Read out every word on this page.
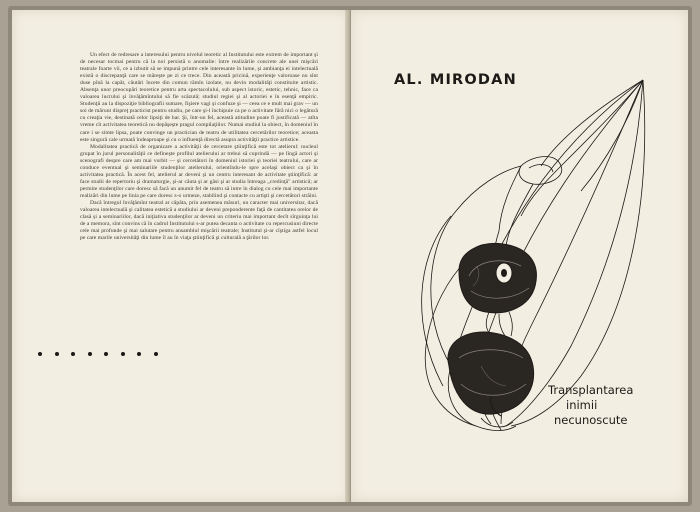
Un efect de redresare a interesului pentru nivelul teoretic al Institutului este extrem de important şi de necesar tocmai pentru că la noi persistă o anomalie: între realizările concrete ale unei mişcări teatrale foarte vii, ce a izbutit să se impună printre cele interesante în lume, şi ambianţa ei intelectuală există o discrepanţă care se măreşte pe zi ce trece. Din această pricină, experienţe valoroase nu sînt duse pînă la capăt, căutări încete din comun rămîn izolate, nu devin modalităţi constituite artistic. Absenţa unor preocupări teoretice pentru arta spectacolului, sub aspect istoric, estetic, tehnic, face ca valoarea lucrului şi învăţămîntului să fie scăzută; studiul regiei şi al actoriei e în esenţă empiric. Studenţii au la dispoziţie bibliografii sumare, fişiere vagi şi confuze şi — ceea ce e mult mai grav — un soi de mărunt dispreţ practicist pentru studiu, pe care şi-l închipuie ca pe o activitate fără nici o legătură cu creaţia vie, destinată celor lipsiţi de har. Şi, într-un fel, această atitudine poate fi justificată — atîta vreme cît activitatea teoretică nu depăşeşte pragul compilaţiilor. Numai studiul la obiect, în domeniul în care i se simte lipsa, poate convinge un practician de teatru de utilitatea cercetărilor teoretice; aceasta este singură cale urmată îndeaproape şi cu o influenţă directă asupra activităţii practice artistice.

Modalitatea practică de organizare a activităţii de cercetare ştiinţifică este tot atelierul: nucleul grupat în jurul personalităţii ce defineşte profilul atelierului ar trebui să cuprindă — pe lîngă actori şi scenografi despre care am mai vorbit — şi cercetători în domeniul istoriei şi teoriei teatrului, care ar conduce eventual şi seminariile studenţilor atelierului, orientîndu-le spre acelaşi obiect ca şi în activitatea practică. În acest fel, atelierul ar deveni şi un centru interesant de activitate ştiinţifică: ar face studii de repertoriu şi dramaturgie, şi-ar căuta şi ar găsi şi ar studia întreaga „credinţă" artistică; ar permite studenţilor care doresc să facă un anumit fel de teatru să intre în dialog cu cele mai importante realizări din lume pe linia pe care doresc s-o urmeze, stabilind şi contacte cu artişti şi cercetători străini.

Dacă întregul învăţămînt teatral ar căpăta, prin asemenea măsuri, un caracter mai universitar, dacă valoarea intelectuală şi calitatea estetică a studiului ar deveni preponderente faţă de cantitatea orelor de clasă şi a seminariilor, dacă iniţiativa studenţilor ar deveni un criteriu mai important decît sîrguinţa lui de a memora, sînt convins că în cadrul Institutului s-ar putea decanta o activitate cu repercusiuni directe cele mai profunde şi mai salutare pentru ansamblul mişcării teatrale; Institutul şi-ar cîştiga astfel locul pe care marile universităţi din lume îl au în viaţa ştiinţifică şi culturală a ţărilor lor.

AL. MIRODAN
Transplantarea
inimii
necunoscute
